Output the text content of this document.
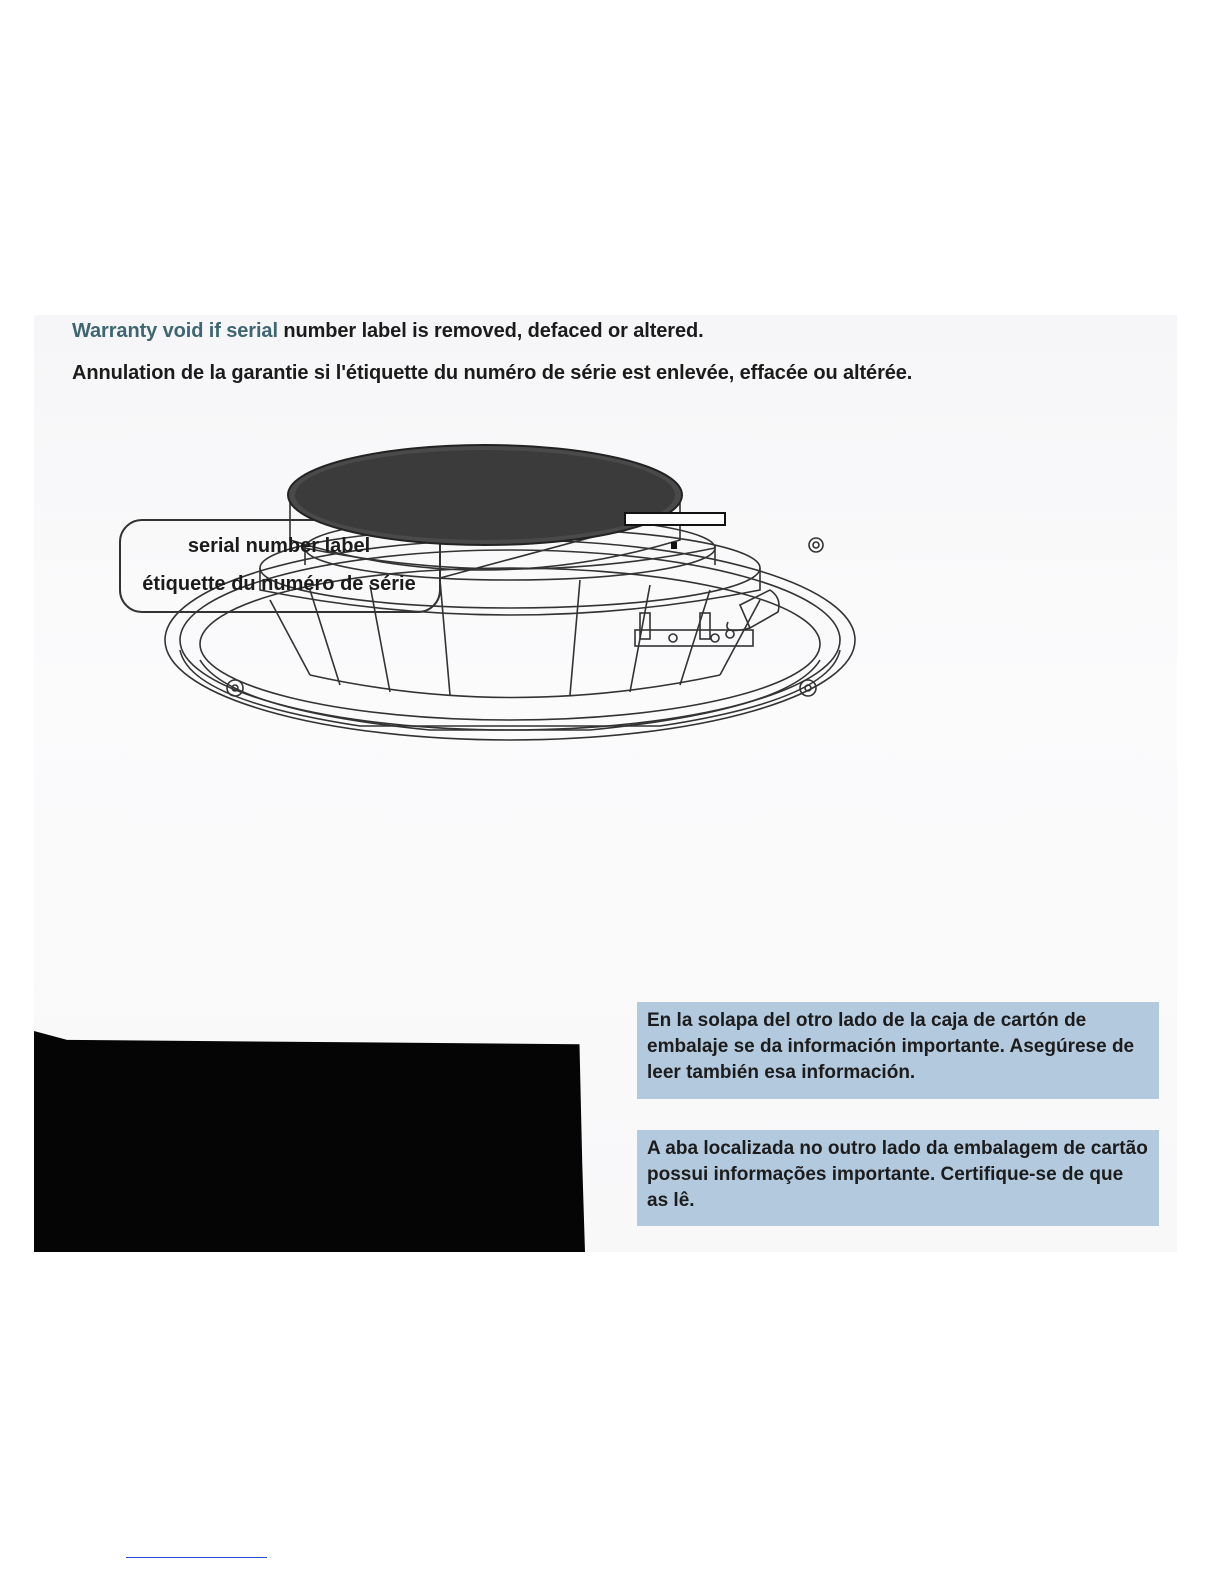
Warranty void if serial number label is removed, defaced or altered.
Annulation de la garantie si l'étiquette du numéro de série est enlevée, effacée ou altérée.
serial number label
étiquette du numéro de série
En la solapa del otro lado de la caja de cartón de embalaje se da información importante. Asegúrese de leer también esa información.
A aba localizada no outro lado da embalagem de cartão possui informações importante. Certifique-se de que as lê.
